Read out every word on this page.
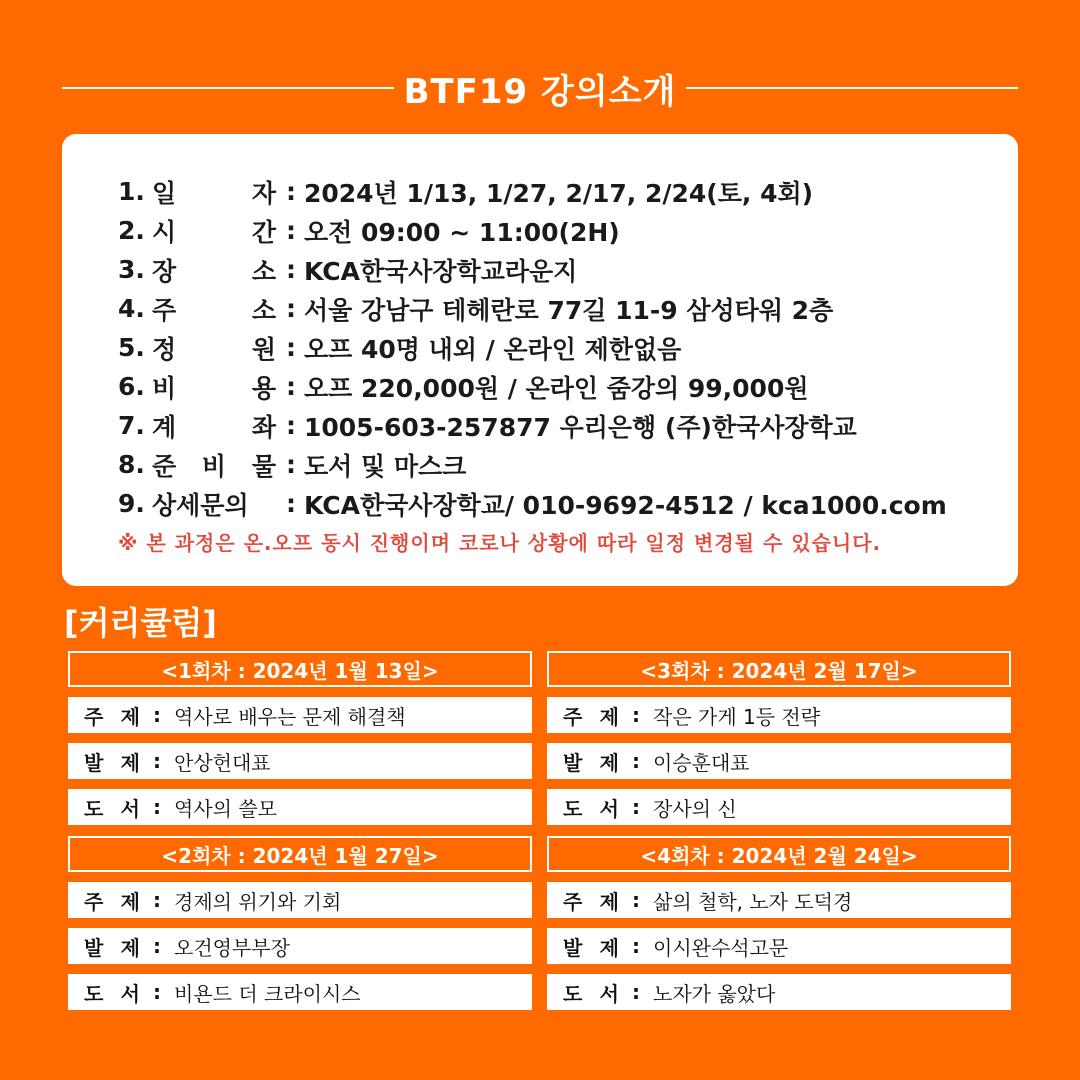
BTF19 강의소개
1. 일	자 : 2024년 1/13, 1/27, 2/17, 2/24(토, 4회)
2. 시	간 : 오전 09:00 ~ 11:00(2H)
3. 장	소 : KCA한국사장학교라운지
4. 주	소 : 서울 강남구 테헤란로 77길 11-9 삼성타워 2층
5. 정	원 : 오프 40명 내외 / 온라인 제한없음
6. 비	용 : 오프 220,000원 / 온라인 줌강의 99,000원
7. 계	좌 : 1005-603-257877 우리은행 (주)한국사장학교
8. 준 비 물 : 도서 및 마스크
9. 상세문의 : KCA한국사장학교/ 010-9692-4512 / kca1000.com
※ 본 과정은 온.오프 동시 진행이며 코로나 상황에 따라 일정 변경될 수 있습니다.
[커리큘럼]
<1회차 : 2024년 1월 13일>
주 제 : 역사로 배우는 문제 해결책
발 제 : 안상헌대표
도 서 : 역사의 쓸모
<3회차 : 2024년 2월 17일>
주 제 : 작은 가게 1등 전략
발 제 : 이승훈대표
도 서 : 장사의 신
<2회차 : 2024년 1월 27일>
주 제 : 경제의 위기와 기회
발 제 : 오건영부부장
도 서 : 비욘드 더 크라이시스
<4회차 : 2024년 2월 24일>
주 제 : 삶의 철학, 노자 도덕경
발 제 : 이시완수석고문
도 서 : 노자가 옳았다
